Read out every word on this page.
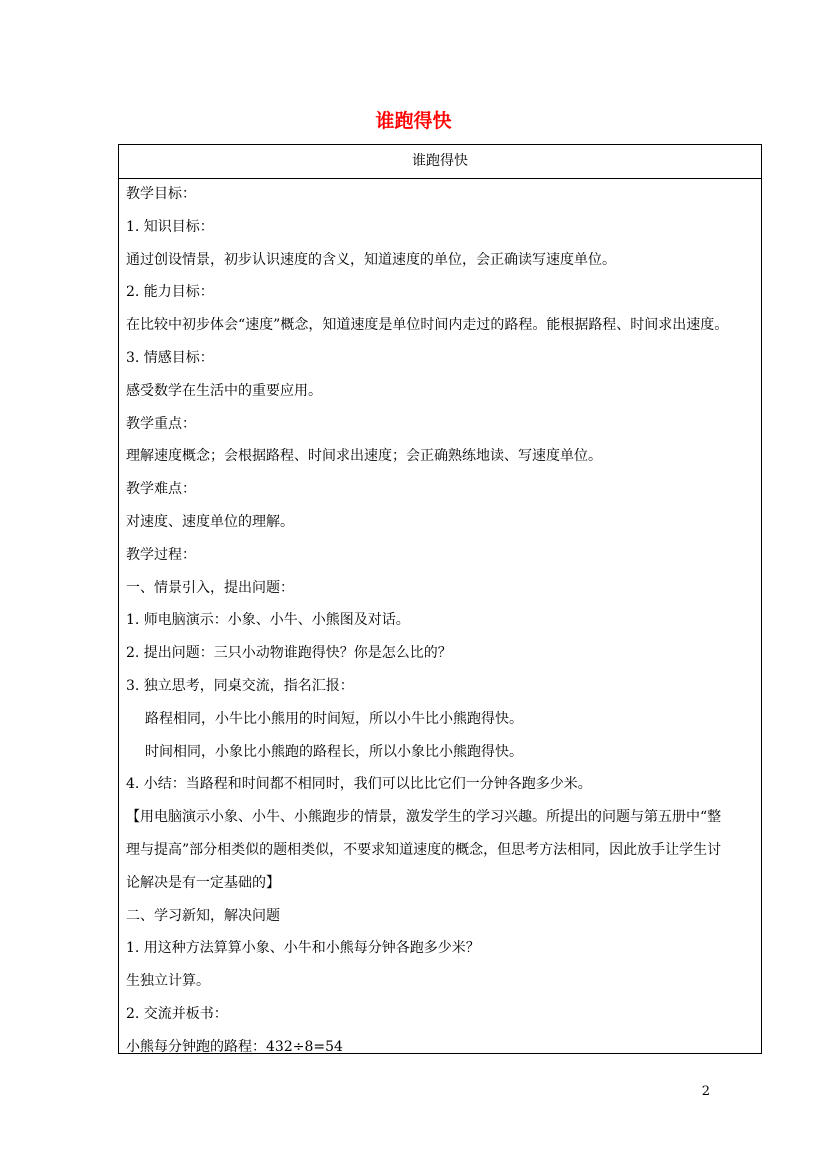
谁跑得快
谁跑得快
教学目标：
1. 知识目标：
通过创设情景，初步认识速度的含义，知道速度的单位，会正确读写速度单位。
2. 能力目标：
在比较中初步体会“速度”概念，知道速度是单位时间内走过的路程。能根据路程、时间求出速度。
3. 情感目标：
感受数学在生活中的重要应用。
教学重点：
理解速度概念；会根据路程、时间求出速度；会正确熟练地读、写速度单位。
教学难点：
对速度、速度单位的理解。
教学过程：
一、情景引入，提出问题：
1. 师电脑演示：小象、小牛、小熊图及对话。
2. 提出问题：三只小动物谁跑得快？你是怎么比的？
3. 独立思考，同桌交流，指名汇报：
路程相同，小牛比小熊用的时间短，所以小牛比小熊跑得快。
时间相同，小象比小熊跑的路程长，所以小象比小熊跑得快。
4. 小结：当路程和时间都不相同时，我们可以比比它们一分钟各跑多少米。
【用电脑演示小象、小牛、小熊跑步的情景，激发学生的学习兴趣。所提出的问题与第五册中“整
理与提高”部分相类似的题相类似，不要求知道速度的概念，但思考方法相同，因此放手让学生讨
论解决是有一定基础的】
二、学习新知，解决问题
1. 用这种方法算算小象、小牛和小熊每分钟各跑多少米？
生独立计算。
2. 交流并板书：
小熊每分钟跑的路程：432÷8=54
2
